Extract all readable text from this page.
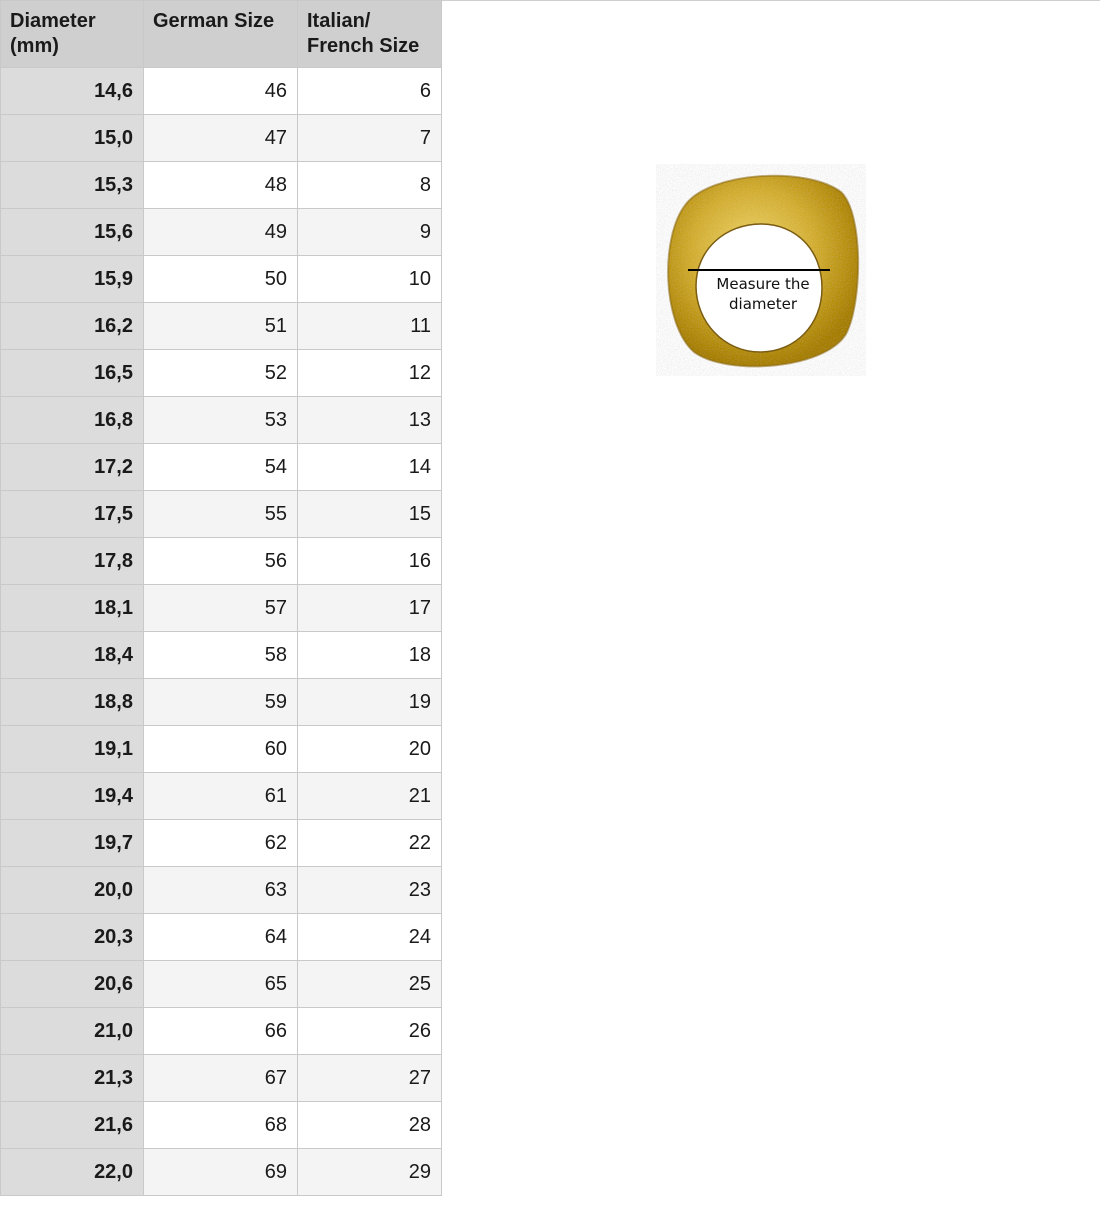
Diameter (mm)	German Size	Italian/ French Size
14,6	46	6
15,0	47	7
15,3	48	8
15,6	49	9
15,9	50	10
16,2	51	11
16,5	52	12
16,8	53	13
17,2	54	14
17,5	55	15
17,8	56	16
18,1	57	17
18,4	58	18
18,8	59	19
19,1	60	20
19,4	61	21
19,7	62	22
20,0	63	23
20,3	64	24
20,6	65	25
21,0	66	26
21,3	67	27
21,6	68	28
22,0	69	29
Measure the
diameter
